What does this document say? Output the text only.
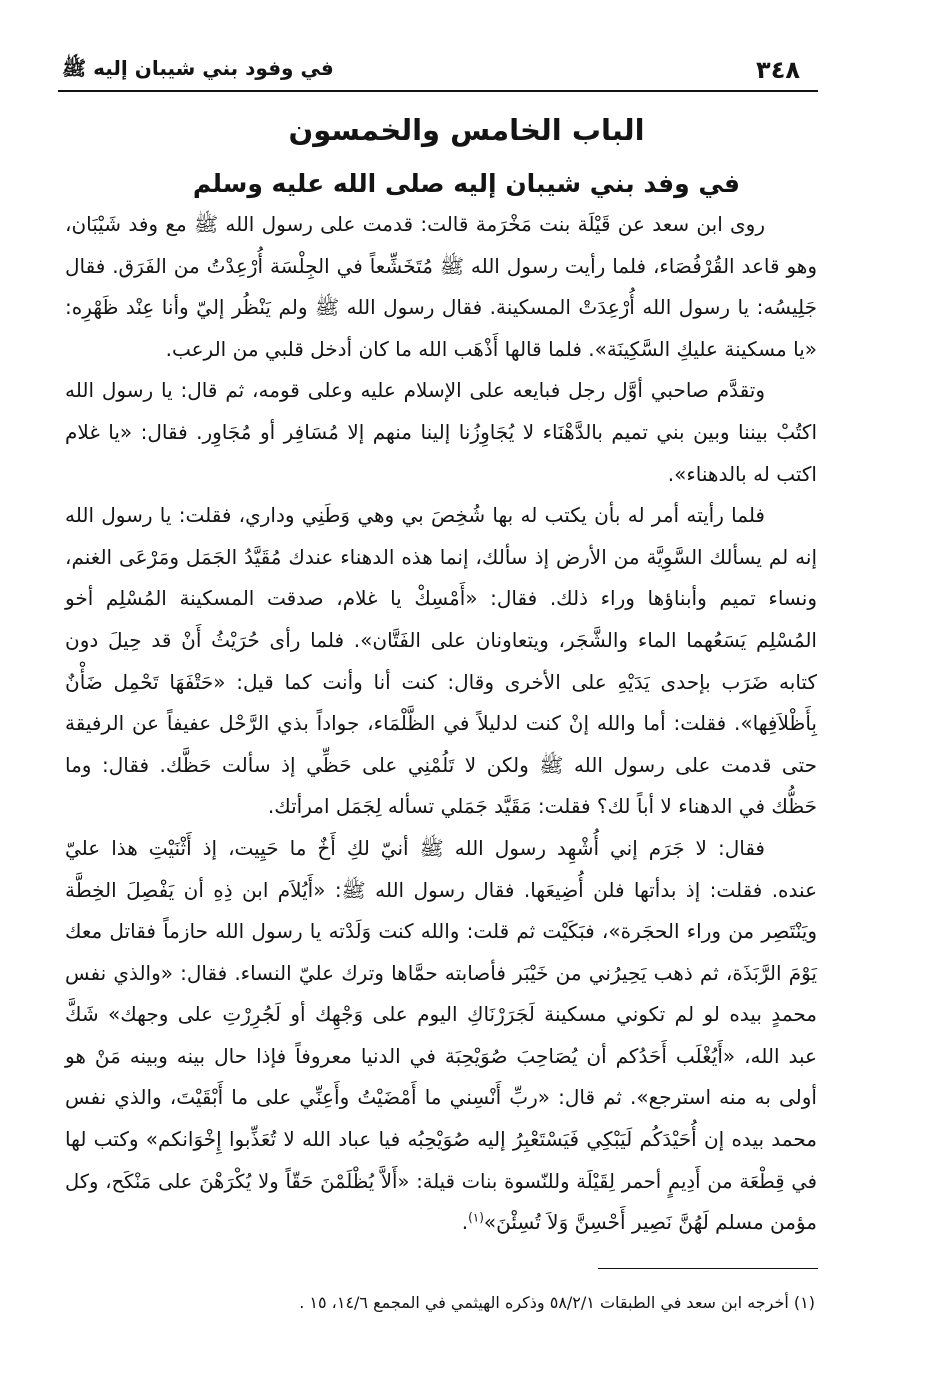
٣٤٨
في وفود بني شيبان إليه ﷺ
الباب الخامس والخمسون
في وفد بني شيبان إليه صلى الله عليه وسلم
روى ابن سعد عن قَيْلَة بنت مَخْرَمة قالت: قدمت على رسول الله ﷺ مع وفد شَيْبَان،
وهو قاعد القُرْفُصَاء، فلما رأيت رسول الله ﷺ مُتَخَشِّعاً في الجِلْسَة أُرْعِدْتُ من الفَرَق. فقال
جَلِيسُه: يا رسول الله أُرْعِدَتْ المسكينة. فقال رسول الله ﷺ ولم يَنْظُر إليّ وأنا عِنْد ظَهْرِه:
«يا مسكينة عليكِ السَّكِينَة». فلما قالها أَذْهَب الله ما كان أدخل قلبي من الرعب.
وتقدَّم صاحبي أوَّل رجل فبايعه على الإسلام عليه وعلى قومه، ثم قال: يا رسول الله
اكتُبْ بيننا وبين بني تميم بالدَّهْنَاء لا يُجَاوِزُنا إلينا منهم إلا مُسَافِر أو مُجَاوِر. فقال: «يا غلام
اكتب له بالدهناء».
فلما رأيته أمر له بأن يكتب له بها شُخِصَ بي وهي وَطَنِي وداري، فقلت: يا رسول الله
إنه لم يسألك السَّوِيَّة من الأرض إذ سألك، إنما هذه الدهناء عندك مُقَيَّدُ الجَمَل ومَرْعَى الغنم،
ونساء تميم وأبناؤها وراء ذلك. فقال: «أَمْسِكْ يا غلام، صدقت المسكينة المُسْلِم أخو
المُسْلِم يَسَعُهما الماء والشَّجَر، ويتعاونان على الفَتَّان». فلما رأى حُرَيْثُ أَنْ قد حِيلَ دون
كتابه ضَرَب بإحدى يَدَيْهِ على الأخرى وقال: كنت أنا وأنت كما قيل: «حَتْفَهَا تَحْمِل ضَأْنٌ
بِأَظْلاَفِها». فقلت: أما والله إنْ كنت لدليلاً في الظَّلْمَاء، جواداً بذي الرَّحْل عفيفاً عن الرفيقة
حتى قدمت على رسول الله ﷺ ولكن لا تَلُمْنِي على حَظِّي إذ سألت حَظَّك. فقال: وما
حَظُّك في الدهناء لا أباً لك؟ فقلت: مَقَيَّد جَمَلي تسأله لِجَمَل امرأتك.
فقال: لا جَرَم إني أُشْهِد رسول الله ﷺ أنيّ لكِ أَخٌ ما حَيِيت، إذ أَثْنَيْتِ هذا عليّ
عنده. فقلت: إذ بدأتها فلن أُضِيعَها. فقال رسول الله ﷺ: «أَيُلاَم ابن ذِهِ أن يَفْصِلَ الخِطَّة
ويَنْتَصِر من وراء الحجَرة»، فبَكَيْت ثم قلت: والله كنت وَلَدْته يا رسول الله حازماً فقاتل معك
يَوْمَ الرَّبَذَة، ثم ذهب يَحِيرُني من خَيْبَر فأصابته حمَّاها وترك عليّ النساء. فقال: «والذي نفس
محمدٍ بيده لو لم تكوني مسكينة لَجَرَرْنَاكِ اليوم على وَجْهِك أو لَجُرِرْتِ على وجهك» شَكَّ
عبد الله، «أَيُغْلَب أَحَدُكم أن يُصَاحِبَ صُوَيْحِبَة في الدنيا معروفاً فإذا حال بينه وبينه مَنْ هو
أولى به منه استرجع». ثم قال: «ربِّ أَنْسِني ما أَمْضَيْتُ وأَعِنِّي على ما أَبْقَيْتَ، والذي نفس
محمد بيده إن أُحَيْدَكُم لَيَبْكِي فَيَسْتَعْبِرُ إليه صُوَيْحِبُه فيا عباد الله لا تُعَذِّبوا إِخْوَانكم» وكتب لها
في قِطْعَة من أَدِيمٍ أحمر لِقَيْلَة وللنّسوة بنات قيلة: «أَلاَّ يُظْلَمْنَ حَقّاً ولا يُكْرَهْنَ على مَنْكَح، وكل
مؤمن مسلم لَهُنَّ نَصِير أَحْسِنَّ وَلاَ تُسِئْنَ»$^{(١)}$.
(١) أخرجه ابن سعد في الطبقات ٥٨/٢/١ وذكره الهيثمي في المجمع ١٤/٦، ١٥ .
